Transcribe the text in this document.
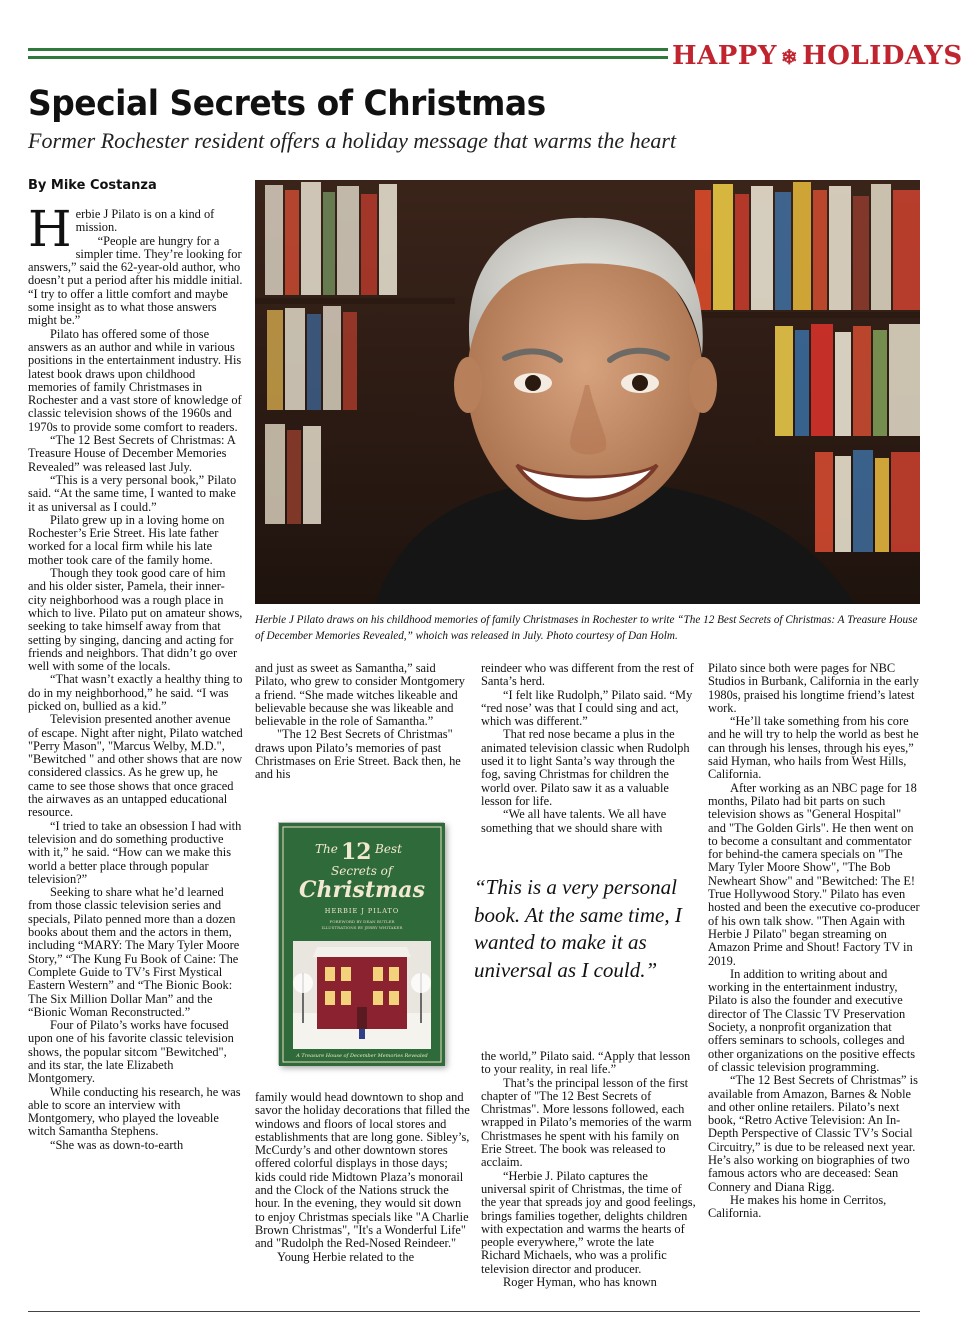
HAPPY ❄ HOLIDAYS
Special Secrets of Christmas
Former Rochester resident offers a holiday message that warms the heart
By Mike Costanza
H erbie J Pilato is on a kind of mission.

“People are hungry for a simpler time. They’re looking for answers,” said the 62-year-old author, who doesn’t put a period after his middle initial. “I try to offer a little comfort and maybe some insight as to what those answers might be.”

Pilato has offered some of those answers as an author and while in various positions in the entertainment industry. His latest book draws upon childhood memories of family Christmases in Rochester and a vast store of knowledge of classic television shows of the 1960s and 1970s to provide some comfort to readers.

“The 12 Best Secrets of Christmas: A Treasure House of December Memories Revealed” was released last July.

“This is a very personal book,” Pilato said. “At the same time, I wanted to make it as universal as I could.”

Pilato grew up in a loving home on Rochester’s Erie Street. His late father worked for a local firm while his late mother took care of the family home.

Though they took good care of him and his older sister, Pamela, their inner-city neighborhood was a rough place in which to live. Pilato put on amateur shows, seeking to take himself away from that setting by singing, dancing and acting for friends and neighbors. That didn’t go over well with some of the locals.

“That wasn’t exactly a healthy thing to do in my neighborhood,” he said. “I was picked on, bullied as a kid.”

Television presented another avenue of escape. Night after night, Pilato watched "Perry Mason", "Marcus Welby, M.D.", "Bewitched " and other shows that are now considered classics. As he grew up, he came to see those shows that once graced the airwaves as an untapped educational resource.

“I tried to take an obsession I had with television and do something productive with it,” he said. “How can we make this world a better place through popular television?”

Seeking to share what he’d learned from those classic television series and specials, Pilato penned more than a dozen books about them and the actors in them, including “MARY: The Mary Tyler Moore Story,” “The Kung Fu Book of Caine: The Complete Guide to TV’s First Mystical Eastern Western” and “The Bionic Book: The Six Million Dollar Man” and the “Bionic Woman Reconstructed.”

Four of Pilato’s works have focused upon one of his favorite classic television shows, the popular sitcom "Bewitched", and its star, the late Elizabeth Montgomery.

While conducting his research, he was able to score an interview with Montgomery, who played the loveable witch Samantha Stephens.

“She was as down-to-earth

Herbie J Pilato draws on his childhood memories of family Christmases in Rochester to write “The 12 Best Secrets of Christmas: A Treasure House of December Memories Revealed,” whoich was released in July. Photo courtesy of Dan Holm.

and just as sweet as Samantha,” said Pilato, who grew to consider Montgomery a friend. “She made witches likeable and believable because she was likeable and believable in the role of Samantha.”

"The 12 Best Secrets of Christmas" draws upon Pilato’s memories of past Christmases on Erie Street. Back then, he and his

The 12 Best
Secrets of
Christmas
HERBIE J PILATO
FOREWORD BY DEAN BUTLER
ILLUSTRATIONS BY JERRY WHITAKER
A Treasure House of December Memories Revealed

family would head downtown to shop and savor the holiday decorations that filled the windows and floors of local stores and establishments that are long gone. Sibley’s, McCurdy’s and other downtown stores offered colorful displays in those days; kids could ride Midtown Plaza’s monorail and the Clock of the Nations struck the hour. In the evening, they would sit down to enjoy Christmas specials like "A Charlie Brown Christmas", "It's a Wonderful Life" and "Rudolph the Red-Nosed Reindeer."

Young Herbie related to the

reindeer who was different from the rest of Santa’s herd.

“I felt like Rudolph,” Pilato said. “My “red nose’ was that I could sing and act, which was different.”

That red nose became a plus in the animated television classic when Rudolph used it to light Santa’s way through the fog, saving Christmas for children the world over. Pilato saw it as a valuable lesson for life.

“We all have talents. We all have something that we should share with

“This is a very personal book. At the same time, I wanted to make it as universal as I could.”

the world,” Pilato said. “Apply that lesson to your reality, in real life.”

That’s the principal lesson of the first chapter of "The 12 Best Secrets of Christmas". More lessons followed, each wrapped in Pilato’s memories of the warm Christmases he spent with his family on Erie Street. The book was released to acclaim.

“Herbie J. Pilato captures the universal spirit of Christmas, the time of the year that spreads joy and good feelings, brings families together, delights children with expectation and warms the hearts of people everywhere,” wrote the late Richard Michaels, who was a prolific television director and producer.

Roger Hyman, who has known

Pilato since both were pages for NBC Studios in Burbank, California in the early 1980s, praised his longtime friend’s latest work.

“He’ll take something from his core and he will try to help the world as best he can through his lenses, through his eyes,” said Hyman, who hails from West Hills, California.

After working as an NBC page for 18 months, Pilato had bit parts on such television shows as "General Hospital" and "The Golden Girls". He then went on to become a consultant and commentator for behind-the camera specials on "The Mary Tyler Moore Show", "The Bob Newheart Show" and "Bewitched: The E! True Hollywood Story." Pilato has even hosted and been the executive co-producer of his own talk show. "Then Again with Herbie J Pilato" began streaming on Amazon Prime and Shout! Factory TV in 2019.

In addition to writing about and working in the entertainment industry, Pilato is also the founder and executive director of The Classic TV Preservation Society, a nonprofit organization that offers seminars to schools, colleges and other organizations on the positive effects of classic television programming.

“The 12 Best Secrets of Christmas” is available from Amazon, Barnes & Noble and other online retailers. Pilato’s next book, “Retro Active Television: An In-Depth Perspective of Classic TV’s Social Circuitry,” is due to be released next year. He’s also working on biographies of two famous actors who are deceased: Sean Connery and Diana Rigg.

He makes his home in Cerritos, California.
